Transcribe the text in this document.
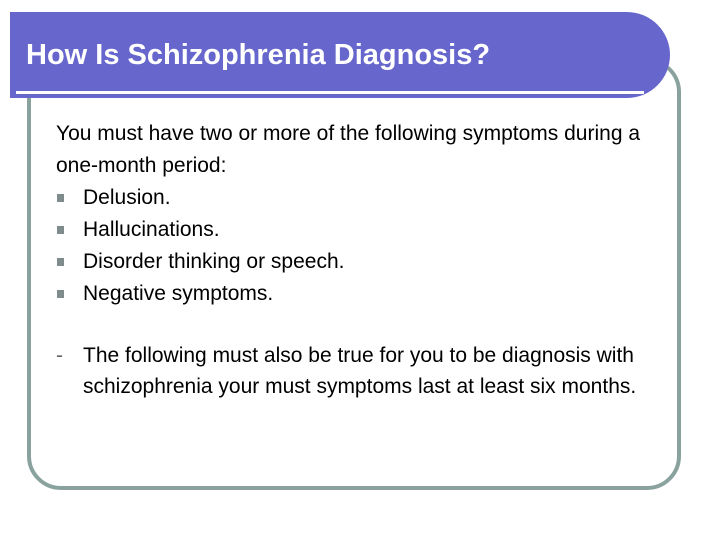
How Is Schizophrenia Diagnosis?

You must have two or more of the following symptoms during a one-month period:

Delusion.
Hallucinations.
Disorder thinking or speech.
Negative symptoms.
- The following must also be true for you to be diagnosis with schizophrenia your must symptoms last at least six months.
